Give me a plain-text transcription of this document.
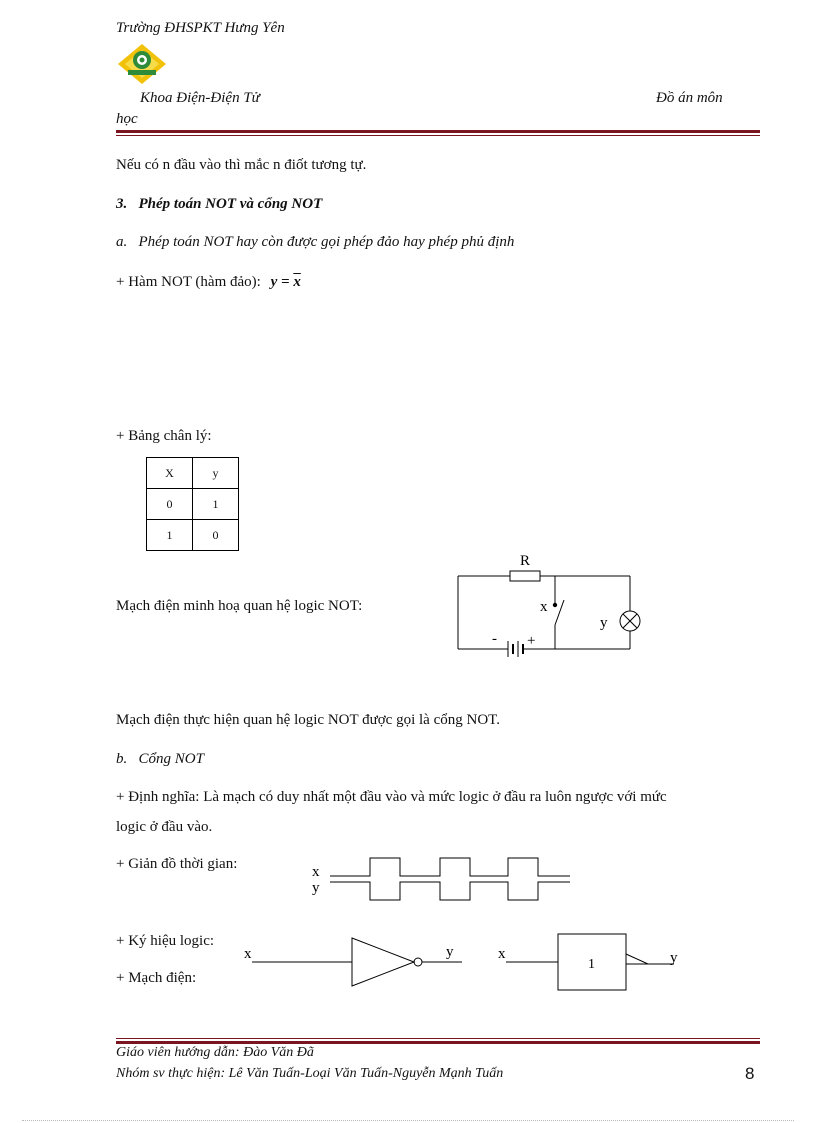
Trường ĐHSPKT Hưng Yên
Khoa Điện-Điện Tử	Đồ án môn
học
Nếu có n đầu vào thì mắc n điốt tương tự.
3. Phép toán NOT và cổng NOT
a. Phép toán NOT hay còn được gọi phép đảo hay phép phủ định
+ Hàm NOT (hàm đảo): $y = \overline{x}$
+ Bảng chân lý:
X	y
0	1
1	0
Mạch điện minh hoạ quan hệ logic NOT:
R
x
y
- +
Mạch điện thực hiện quan hệ logic NOT được gọi là cổng NOT.
b. Cổng NOT
+ Định nghĩa: Là mạch có duy nhất một đầu vào và mức logic ở đầu ra luôn ngược với mức
logic ở đầu vào.
+ Giản đồ thời gian:	x
y
+ Ký hiệu logic:
+ Mạch điện:
x	y	x
1	y
Giáo viên hướng dẫn: Đào Văn Đã
Nhóm sv thực hiện: Lê Văn Tuấn-Loại Văn Tuấn-Nguyễn Mạnh Tuấn	8
